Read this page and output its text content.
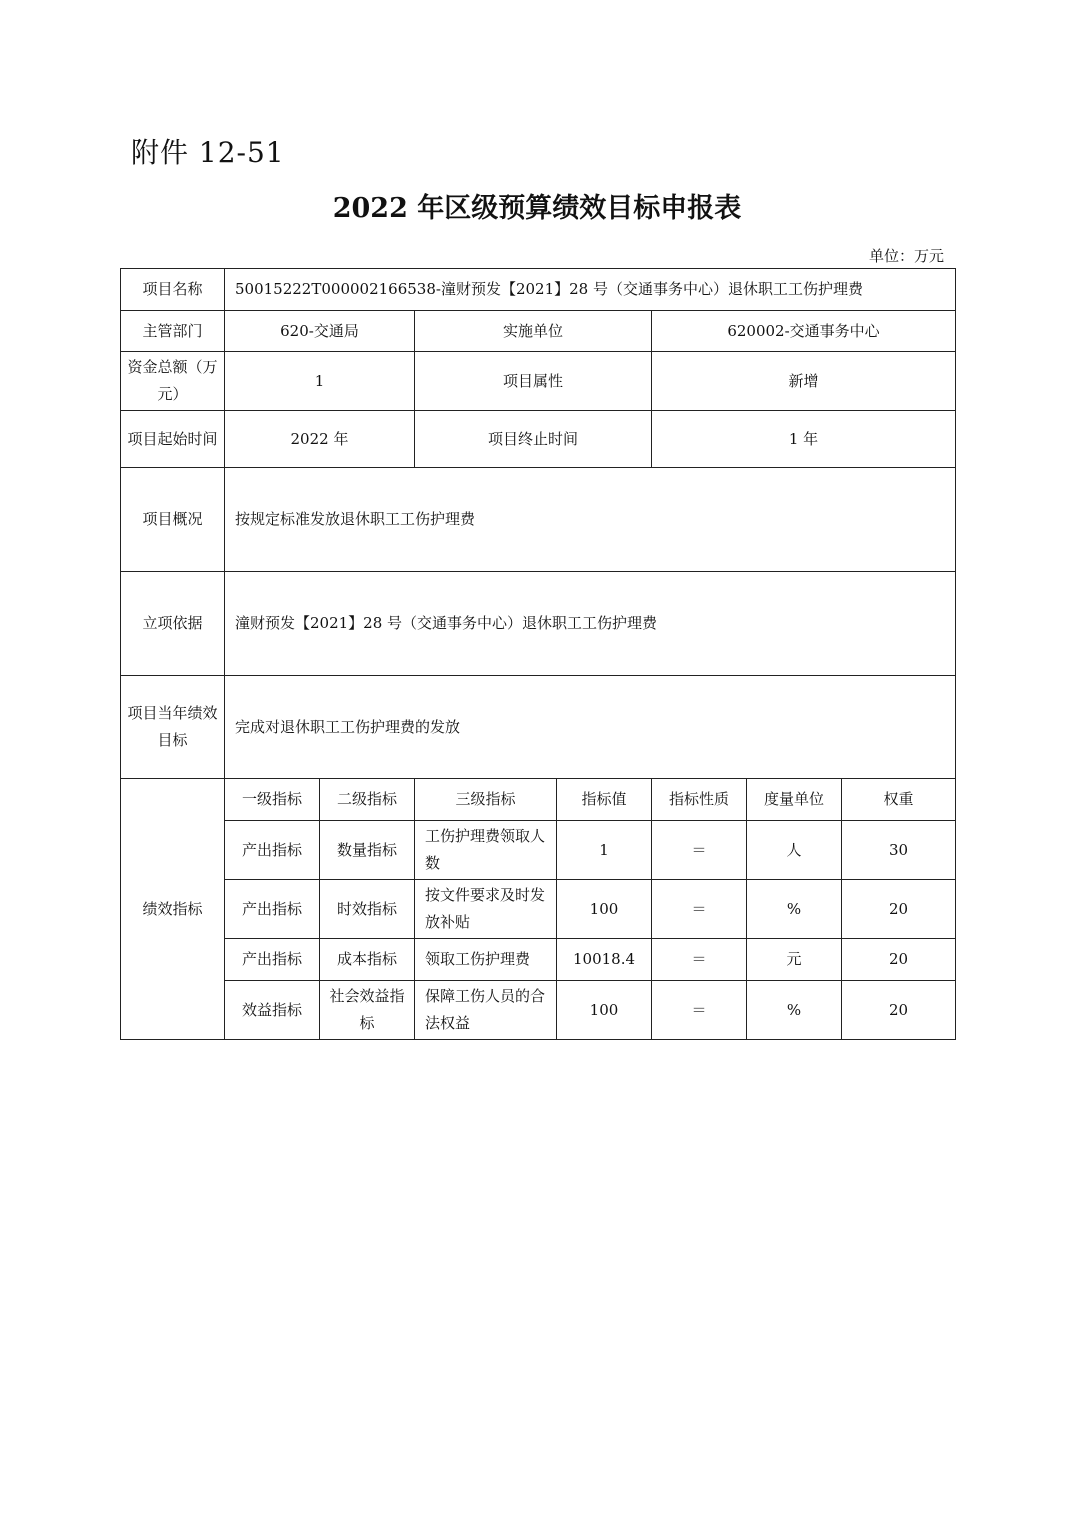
附件 12-51
2022 年区级预算绩效目标申报表
单位：万元
项目名称	50015222T000002166538-潼财预发【2021】28 号（交通事务中心）退休职工工伤护理费						
主管部门	620-交通局		实施单位		620002-交通事务中心		
资金总额（万元）	1		项目属性		新增		
项目起始时间	2022 年		项目终止时间		1 年		
项目概况	按规定标准发放退休职工工伤护理费						
立项依据	潼财预发【2021】28 号（交通事务中心）退休职工工伤护理费						
项目当年绩效目标	完成对退休职工工伤护理费的发放						
绩效指标	一级指标	二级指标	三级指标	指标值	指标性质	度量单位	权重
	产出指标	数量指标	工伤护理费领取人数	1	＝	人	30
	产出指标	时效指标	按文件要求及时发放补贴	100	＝	%	20
	产出指标	成本指标	领取工伤护理费	10018.4	＝	元	20
	效益指标	社会效益指标	保障工伤人员的合法权益	100	＝	%	20
